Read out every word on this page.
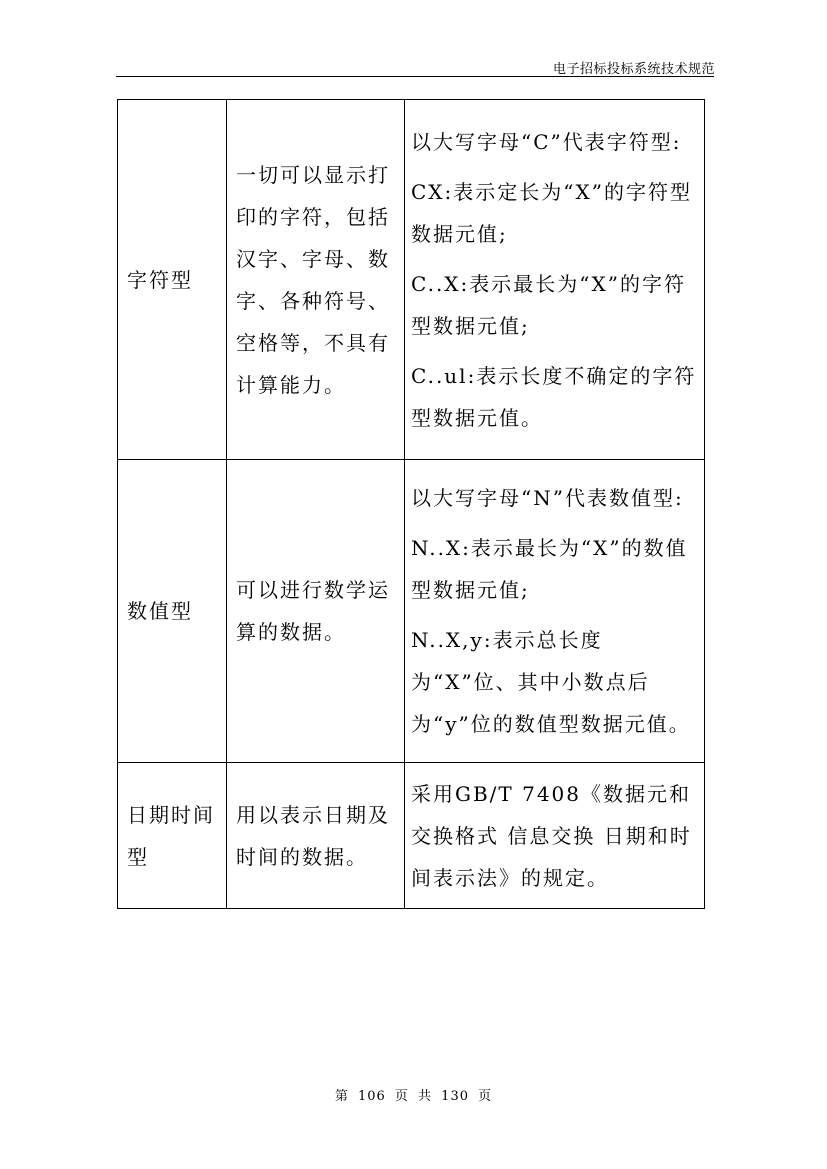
电子招标投标系统技术规范
字符型	一切可以显示打印的字符，包括汉字、字母、数字、各种符号、空格等，不具有计算能力。	以大写字母“C”代表字符型:
CX:表示定长为“X”的字符型数据元值;
C..X:表示最长为“X”的字符型数据元值;
C..ul:表示长度不确定的字符型数据元值。

数值型	可以进行数学运算的数据。	以大写字母“N”代表数值型:
N..X:表示最长为“X”的数值型数据元值;
N..X,y:表示总长度为“X”位、其中小数点后为“y”位的数值型数据元值。

日期时间型	用以表示日期及时间的数据。	采用GB/T 7408《数据元和交换格式 信息交换 日期和时间表示法》的规定。
第 106 页 共 130 页
